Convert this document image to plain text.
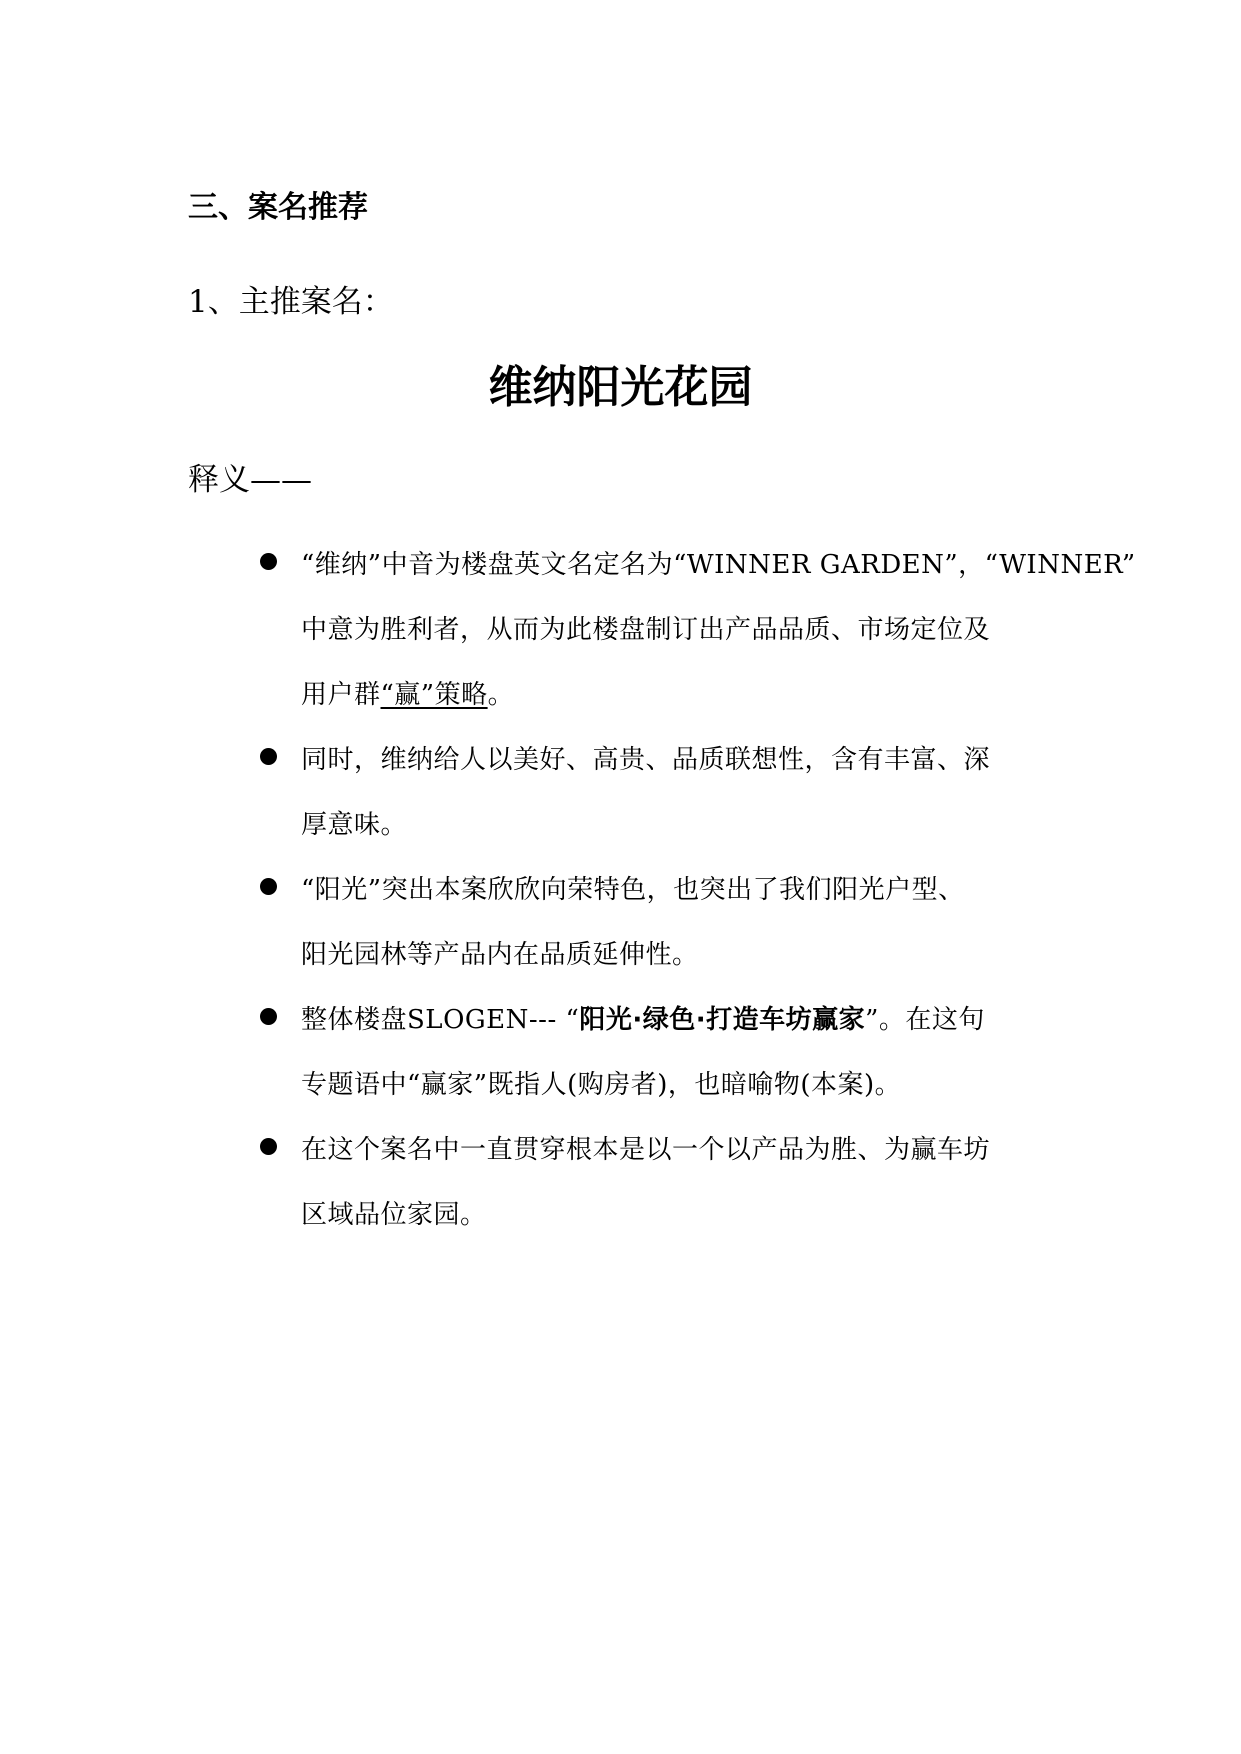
三、案名推荐
1、主推案名：
维纳阳光花园
释义——
“维纳”中音为楼盘英文名定名为“WINNER GARDEN”，“WINNER”
中意为胜利者，从而为此楼盘制订出产品品质、市场定位及
用户群“赢”策略。
同时，维纳给人以美好、高贵、品质联想性，含有丰富、深
厚意味。
“阳光”突出本案欣欣向荣特色，也突出了我们阳光户型、
阳光园林等产品内在品质延伸性。
整体楼盘SLOGEN--- “阳光·绿色·打造车坊赢家”。在这句
专题语中“赢家”既指人(购房者)，也暗喻物(本案)。
在这个案名中一直贯穿根本是以一个以产品为胜、为赢车坊
区域品位家园。
